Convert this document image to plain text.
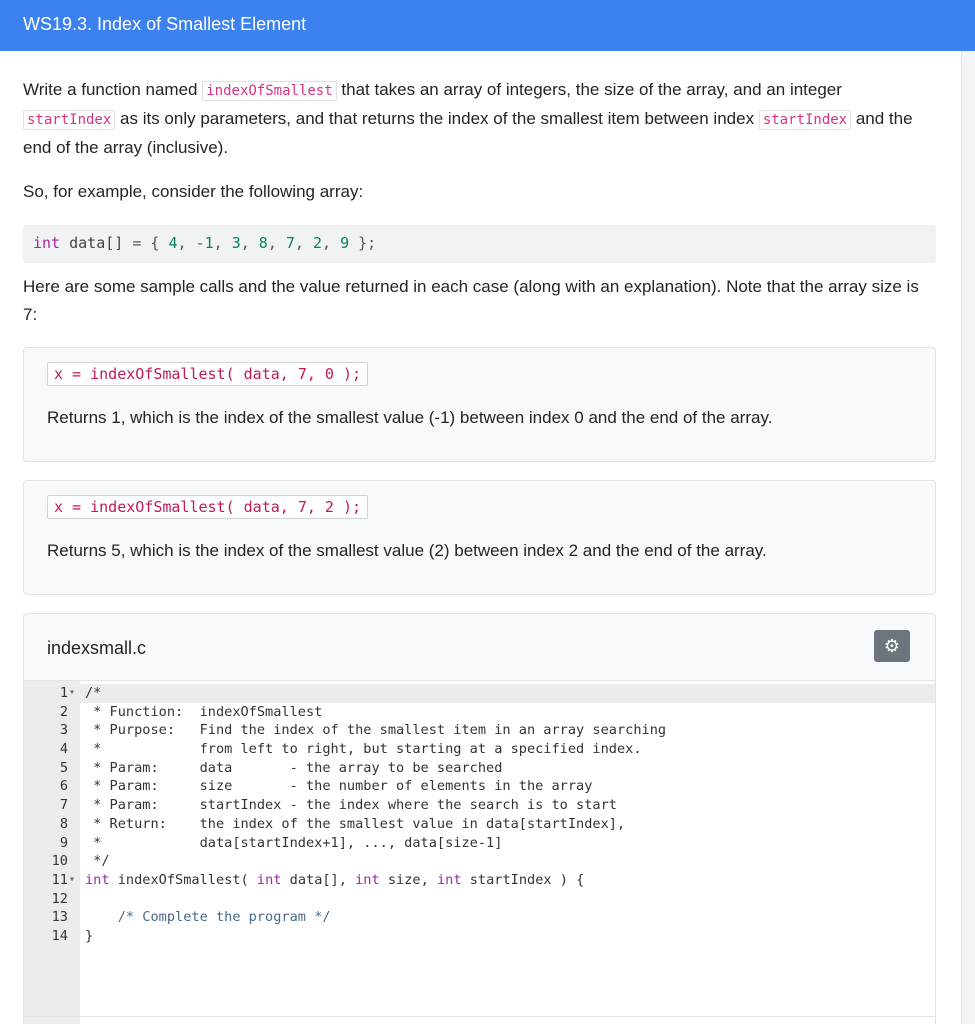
WS19.3. Index of Smallest Element
Write a function named indexOfSmallest that takes an array of integers, the size of the array, and an integer startIndex as its only parameters, and that returns the index of the smallest item between index startIndex and the end of the array (inclusive).
So, for example, consider the following array:
int data[] = { 4, -1, 3, 8, 7, 2, 9 };
Here are some sample calls and the value returned in each case (along with an explanation). Note that the array size is 7:
x = indexOfSmallest( data, 7, 0 );
Returns 1, which is the index of the smallest value (-1) between index 0 and the end of the array.
x = indexOfSmallest( data, 7, 2 );
Returns 5, which is the index of the smallest value (2) between index 2 and the end of the array.
indexsmall.c	⚙
1 ▾ /*
2 * Function:  indexOfSmallest
3 * Purpose:   Find the index of the smallest item in an array searching
4 *            from left to right, but starting at a specified index.
5 * Param:     data       - the array to be searched
6 * Param:     size       - the number of elements in the array
7 * Param:     startIndex - the index where the search is to start
8 * Return:    the index of the smallest value in data[startIndex],
9 *            data[startIndex+1], ..., data[size-1]
10 */
11 ▾ int indexOfSmallest( int data[], int size, int startIndex ) {
12
13 /* Complete the program */
14 }
